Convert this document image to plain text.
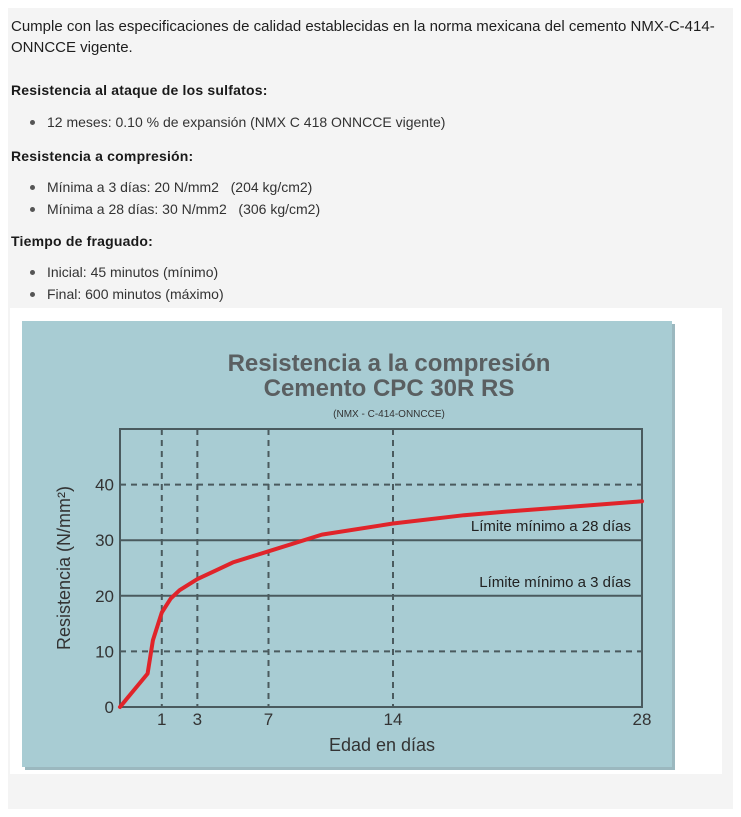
Cumple con las especificaciones de calidad establecidas en la norma mexicana del cemento NMX-C-414-ONNCCE vigente.
Resistencia al ataque de los sulfatos:
12 meses: 0.10 % de expansión (NMX C 418 ONNCCE vigente)
Resistencia a compresión:
Mínima a 3 días: 20 N/mm2   (204 kg/cm2)
Mínima a 28 días: 30 N/mm2   (306 kg/cm2)
Tiempo de fraguado:
Inicial: 45 minutos (mínimo)
Final: 600 minutos (máximo)
Resistencia a la compresión
Cemento CPC 30R RS
(NMX - C-414-ONNCCE)
Resistencia (N/mm²)
Edad en días
Límite mínimo a 28 días
Límite mínimo a 3 días
0
10
20
30
40
1 3	7	14	28
